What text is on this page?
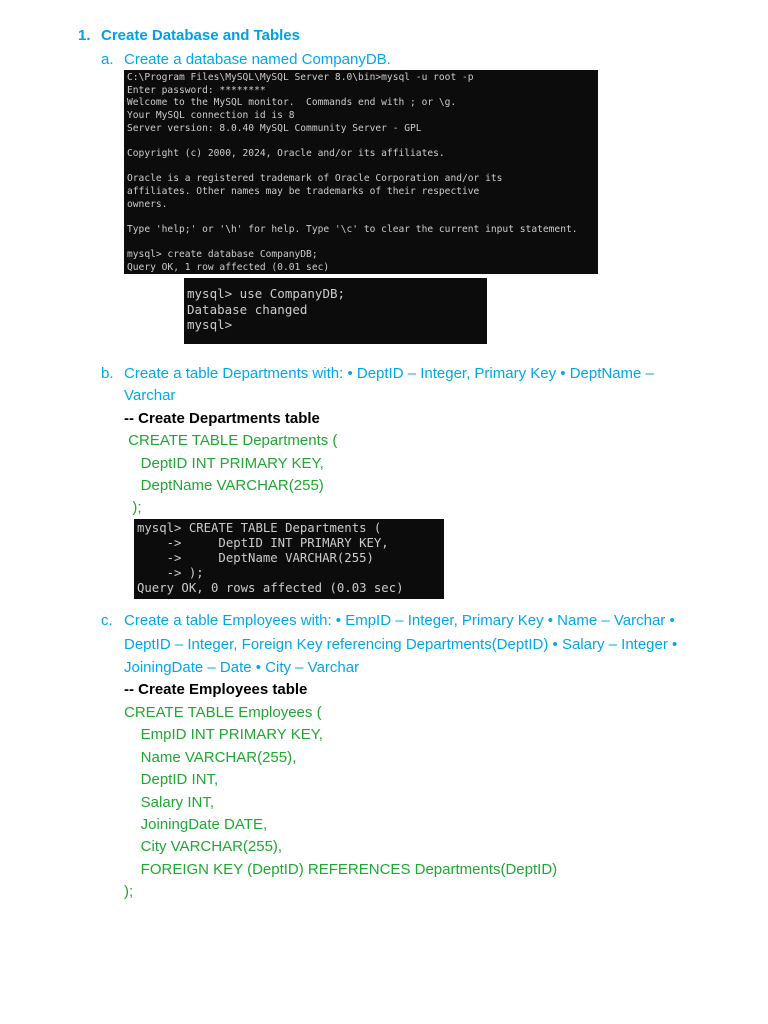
1. Create Database and Tables
a. Create a database named CompanyDB.
C:\Program Files\MySQL\MySQL Server 8.0\bin>mysql -u root -p
Enter password: ********
Welcome to the MySQL monitor.  Commands end with ; or \g.
Your MySQL connection id is 8
Server version: 8.0.40 MySQL Community Server - GPL

Copyright (c) 2000, 2024, Oracle and/or its affiliates.

Oracle is a registered trademark of Oracle Corporation and/or its
affiliates. Other names may be trademarks of their respective
owners.

Type 'help;' or '\h' for help. Type '\c' to clear the current input statement.

mysql> create database CompanyDB;
Query OK, 1 row affected (0.01 sec)
mysql> use CompanyDB;
Database changed
mysql>
b. Create a table Departments with: • DeptID – Integer, Primary Key • DeptName –
Varchar
-- Create Departments table
CREATE TABLE Departments (
DeptID INT PRIMARY KEY,
DeptName VARCHAR(255)
);
mysql> CREATE TABLE Departments (
->     DeptID INT PRIMARY KEY,
->     DeptName VARCHAR(255)
-> );
Query OK, 0 rows affected (0.03 sec)
c. Create a table Employees with: • EmpID – Integer, Primary Key • Name – Varchar •
DeptID – Integer, Foreign Key referencing Departments(DeptID) • Salary – Integer •
JoiningDate – Date • City – Varchar
-- Create Employees table
CREATE TABLE Employees (
EmpID INT PRIMARY KEY,
Name VARCHAR(255),
DeptID INT,
Salary INT,
JoiningDate DATE,
City VARCHAR(255),
FOREIGN KEY (DeptID) REFERENCES Departments(DeptID)
);
